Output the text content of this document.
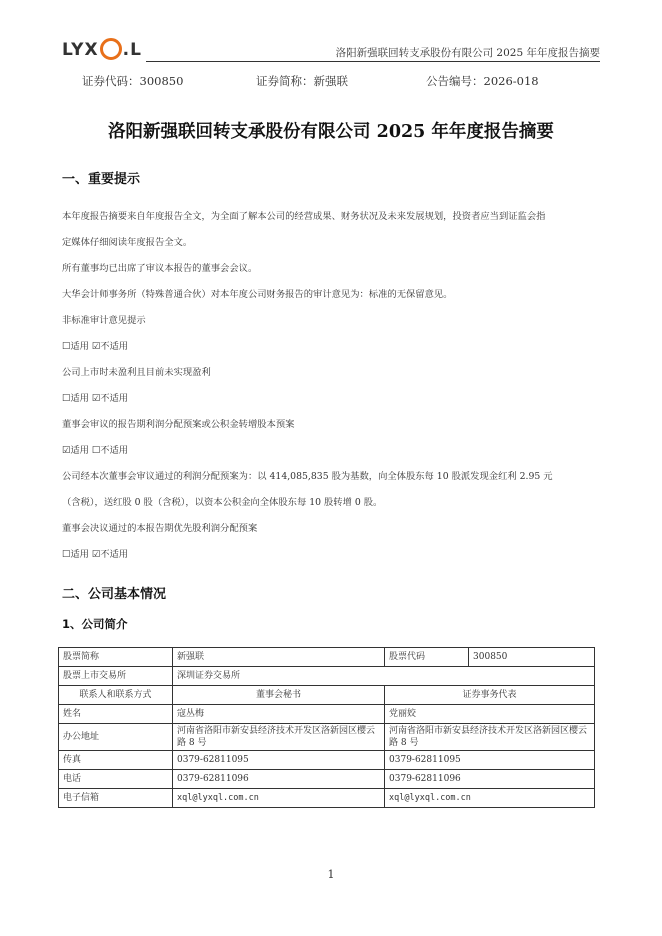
LYX .L	洛阳新强联回转支承股份有限公司 2025 年年度报告摘要
证券代码：300850	证券简称：新强联	公告编号：2026-018
洛阳新强联回转支承股份有限公司 2025 年年度报告摘要
一、重要提示
本年度报告摘要来自年度报告全文，为全面了解本公司的经营成果、财务状况及未来发展规划，投资者应当到证监会指
定媒体仔细阅读年度报告全文。
所有董事均已出席了审议本报告的董事会会议。
大华会计师事务所（特殊普通合伙）对本年度公司财务报告的审计意见为：标准的无保留意见。
非标准审计意见提示
☐适用 ☑不适用
公司上市时未盈利且目前未实现盈利
☐适用 ☑不适用
董事会审议的报告期利润分配预案或公积金转增股本预案
☑适用 ☐不适用
公司经本次董事会审议通过的利润分配预案为：以 414,085,835 股为基数，向全体股东每 10 股派发现金红利 2.95 元
（含税），送红股 0 股（含税），以资本公积金向全体股东每 10 股转增 0 股。
董事会决议通过的本报告期优先股利润分配预案
☐适用 ☑不适用
二、公司基本情况
1、公司简介
股票简称	新强联	股票代码	300850
股票上市交易所	深圳证券交易所		
联系人和联系方式	董事会秘书	证券事务代表	
姓名	寇丛梅	党丽姣	
办公地址	河南省洛阳市新安县经济技术开发区洛新园区樱云路 8 号	河南省洛阳市新安县经济技术开发区洛新园区樱云路 8 号	
传真	0379-62811095	0379-62811095	
电话	0379-62811096	0379-62811096	
电子信箱	xql@lyxql.com.cn	xql@lyxql.com.cn	
1
